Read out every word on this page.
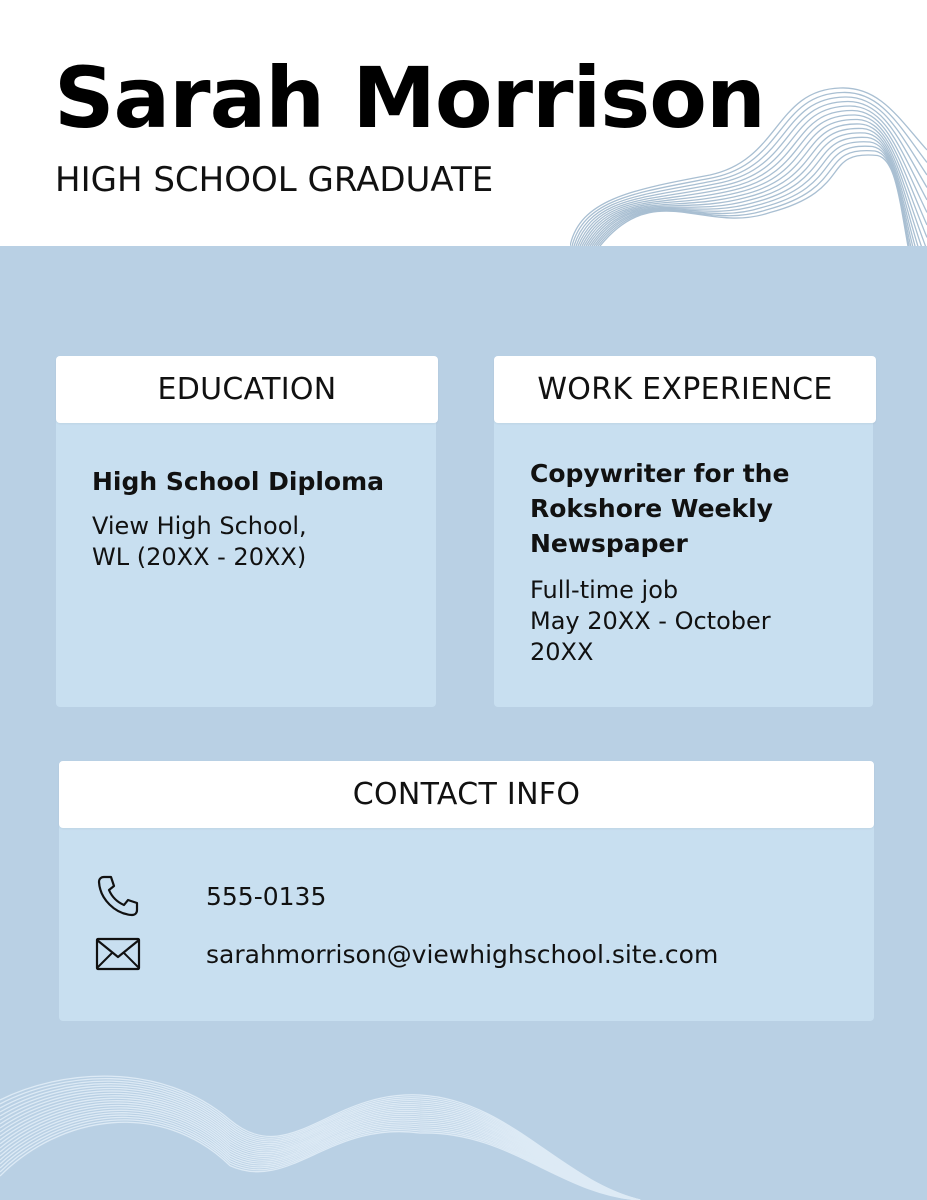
Sarah Morrison
HIGH SCHOOL GRADUATE
EDUCATION

High School Diploma

View High School,
WL (20XX - 20XX)

WORK EXPERIENCE

Copywriter for the
Rokshore Weekly
Newspaper

Full-time job
May 20XX - October 20XX

CONTACT INFO
555-0135
sarahmorrison@viewhighschool.site.com
